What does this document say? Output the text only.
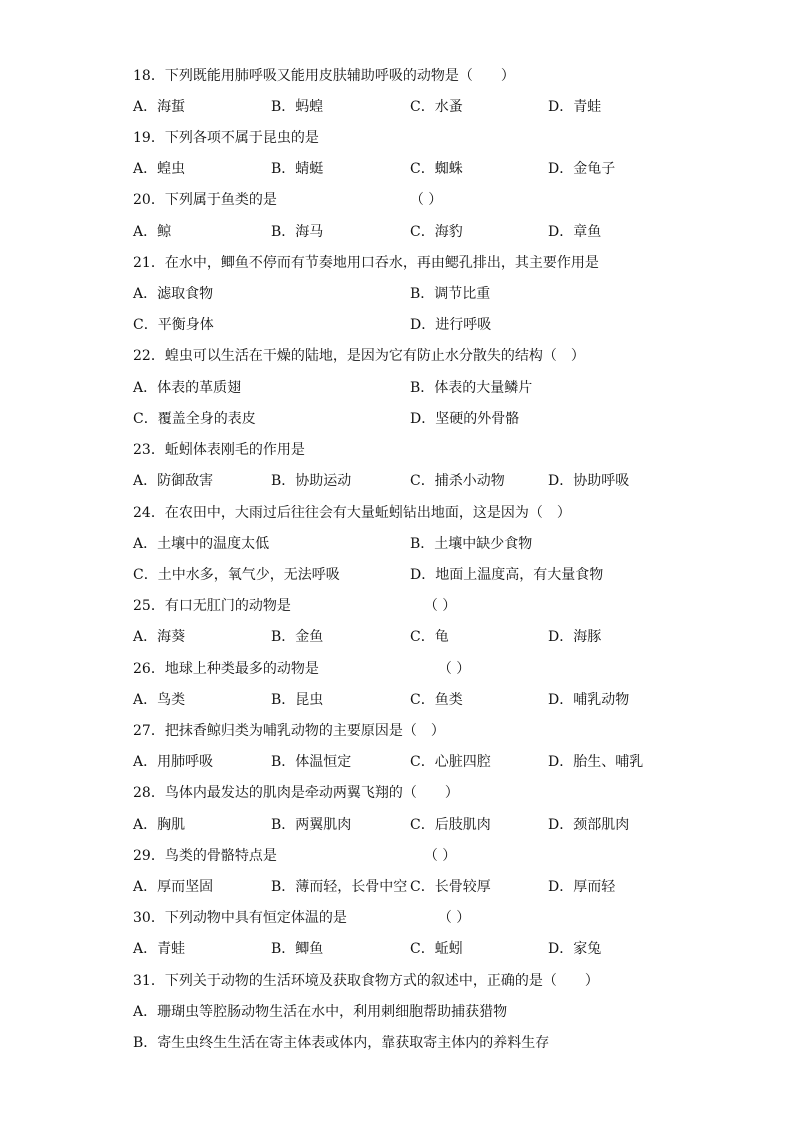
18．下列既能用肺呼吸又能用皮肤辅助呼吸的动物是（　　）
A．海蜇	B．蚂蝗	C．水蚤	D．青蛙
19．下列各项不属于昆虫的是
A．蝗虫	B．蜻蜓	C．蜘蛛	D．金龟子
20．下列属于鱼类的是　　　　　　　　　　（ ）
A．鲸	B．海马	C．海豹	D．章鱼
21．在水中，鲫鱼不停而有节奏地用口吞水，再由鳃孔排出，其主要作用是
A．滤取食物	B．调节比重
C．平衡身体	D．进行呼吸
22．蝗虫可以生活在干燥的陆地，是因为它有防止水分散失的结构（　）
A．体表的革质翅	B．体表的大量鳞片
C．覆盖全身的表皮	D．坚硬的外骨骼
23．蚯蚓体表刚毛的作用是
A．防御敌害	B．协助运动	C．捕杀小动物	D．协助呼吸
24．在农田中，大雨过后往往会有大量蚯蚓钻出地面，这是因为（　）
A．土壤中的温度太低	B．土壤中缺少食物
C．土中水多，氧气少，无法呼吸	D．地面上温度高，有大量食物
25．有口无肛门的动物是　　　　　　　　　　（ ）
A．海葵	B．金鱼	C．龟	D．海豚
26．地球上种类最多的动物是　　　　　　　　　（ ）
A．鸟类	B．昆虫	C．鱼类	D．哺乳动物
27．把抹香鲸归类为哺乳动物的主要原因是（　）
A．用肺呼吸	B．体温恒定	C．心脏四腔	D．胎生、哺乳
28．鸟体内最发达的肌肉是牵动两翼飞翔的（　　）
A．胸肌	B．两翼肌肉	C．后肢肌肉	D．颈部肌肉
29．鸟类的骨骼特点是　　　　　　　　　　　（ ）
A．厚而坚固	B．薄而轻，长骨中空 C．长骨较厚	D．厚而轻
30．下列动物中具有恒定体温的是　　　　　　　（ ）
A．青蛙	B．鲫鱼	C．蚯蚓	D．家兔
31．下列关于动物的生活环境及获取食物方式的叙述中，正确的是（　　）
A．珊瑚虫等腔肠动物生活在水中，利用刺细胞帮助捕获猎物
B．寄生虫终生生活在寄主体表或体内，靠获取寄主体内的养料生存
